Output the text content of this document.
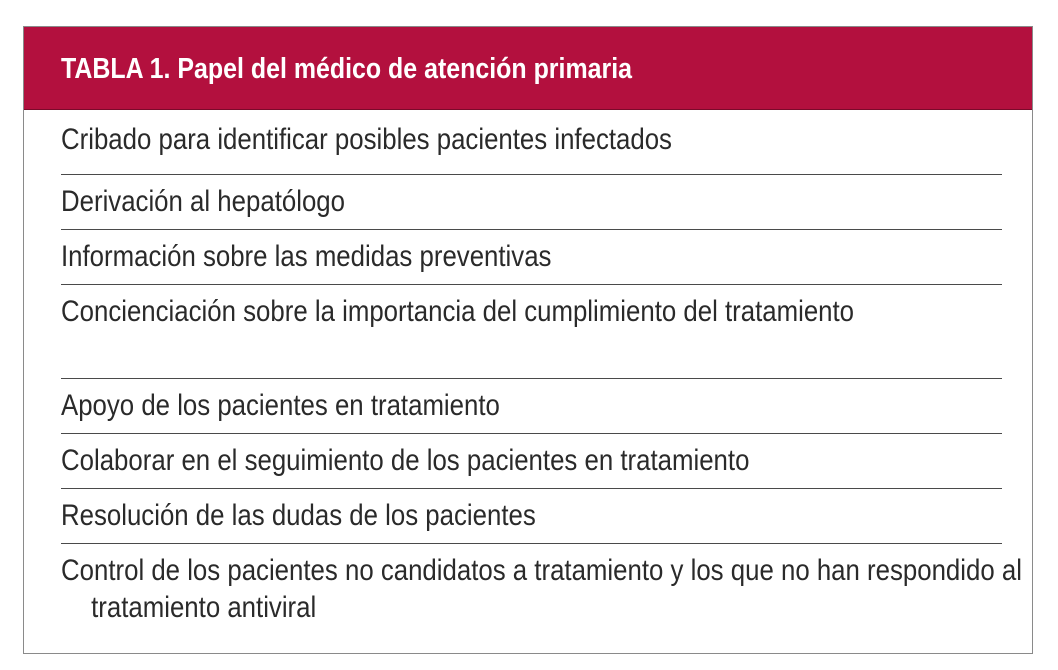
TABLA 1. Papel del médico de atención primaria
Cribado para identificar posibles pacientes infectados
Derivación al hepatólogo
Información sobre las medidas preventivas
Concienciación sobre la importancia del cumplimiento del tratamiento
Apoyo de los pacientes en tratamiento
Colaborar en el seguimiento de los pacientes en tratamiento
Resolución de las dudas de los pacientes
Control de los pacientes no candidatos a tratamiento y los que no han respondido al tratamiento antiviral
